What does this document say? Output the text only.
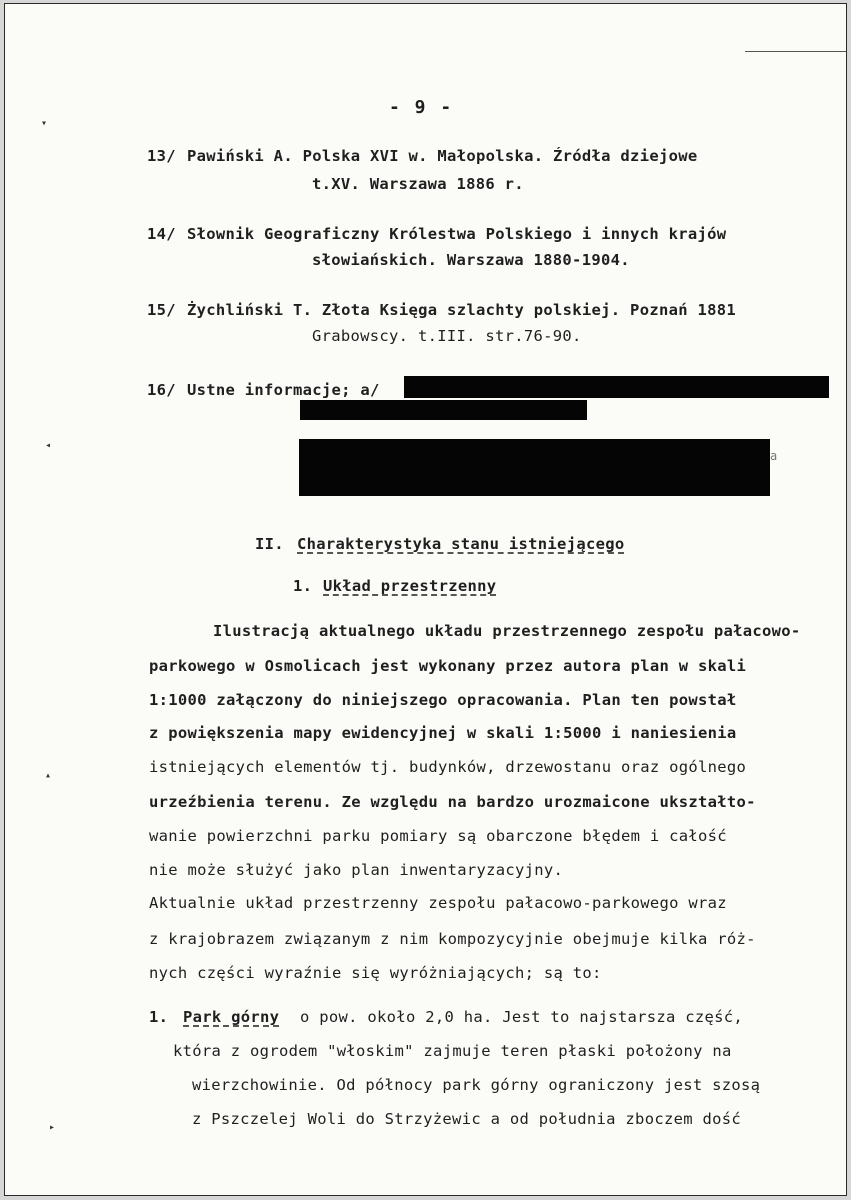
▾
◂
▴
▸
- 9 -
13/ Pawiński A. Polska XVI w. Małopolska. Źródła dziejowe
t.XV. Warszawa 1886 r.
14/ Słownik Geograficzny Królestwa Polskiego i innych krajów
słowiańskich. Warszawa 1880-1904.
15/ Żychliński T. Złota Księga szlachty polskiej. Poznań 1881
Grabowscy. t.III. str.76-90.
16/ Ustne informacje; a/
a
II. Charakterystyka stanu istniejącego
1. Układ przestrzenny
Ilustracją aktualnego układu przestrzennego zespołu pałacowo-
parkowego w Osmolicach jest wykonany przez autora plan w skali
1:1000 załączony do niniejszego opracowania. Plan ten powstał
z powiększenia mapy ewidencyjnej w skali 1:5000 i naniesienia
istniejących elementów tj. budynków, drzewostanu oraz ogólnego
urzeźbienia terenu. Ze względu na bardzo urozmaicone ukształto-
wanie powierzchni parku pomiary są obarczone błędem i całość
nie może służyć jako plan inwentaryzacyjny.
Aktualnie układ przestrzenny zespołu pałacowo-parkowego wraz
z krajobrazem związanym z nim kompozycyjnie obejmuje kilka róż-
nych części wyraźnie się wyróżniających; są to:
1. Park górny o pow. około 2,0 ha. Jest to najstarsza część,
która z ogrodem "włoskim" zajmuje teren płaski położony na
wierzchowinie. Od północy park górny ograniczony jest szosą
z Pszczelej Woli do Strzyżewic a od południa zboczem dość
